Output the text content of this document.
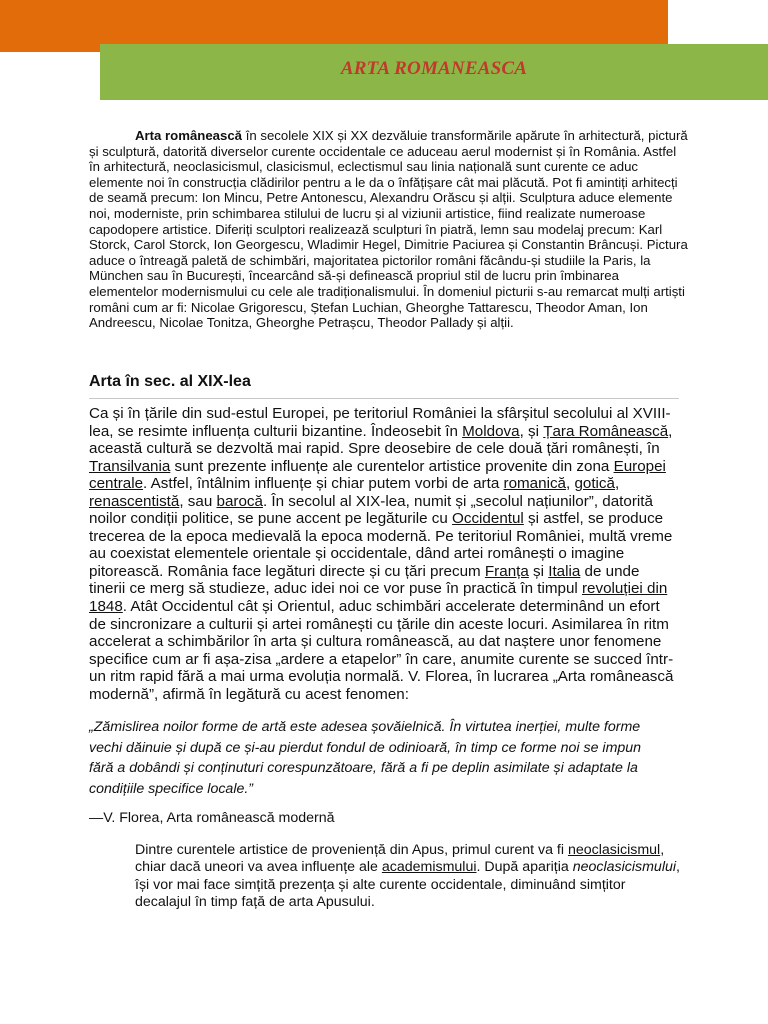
ARTA ROMANEASCA

Arta românească în secolele XIX și XX dezvăluie transformările apărute în arhitectură, pictură și sculptură, datorită diverselor curente occidentale ce aduceau aerul modernist și în România. Astfel în arhitectură, neoclasicismul, clasicismul, eclectismul sau linia națională sunt curente ce aduc elemente noi în construcția clădirilor pentru a le da o înfățișare cât mai plăcută. Pot fi amintiți arhitecți de seamă precum: Ion Mincu, Petre Antonescu, Alexandru Orăscu și alții. Sculptura aduce elemente noi, moderniste, prin schimbarea stilului de lucru și al viziunii artistice, fiind realizate numeroase capodopere artistice. Diferiți sculptori realizează sculpturi în piatră, lemn sau modelaj precum: Karl Storck, Carol Storck, Ion Georgescu, Wladimir Hegel, Dimitrie Paciurea și Constantin Brâncuși. Pictura aduce o întreagă paletă de schimbări, majoritatea pictorilor români făcându-și studiile la Paris, la München sau în București, încearcând să-și definească propriul stil de lucru prin îmbinarea elementelor modernismului cu cele ale tradiționalismului. În domeniul picturii s-au remarcat mulți artiști români cum ar fi: Nicolae Grigorescu, Ștefan Luchian, Gheorghe Tattarescu, Theodor Aman, Ion Andreescu, Nicolae Tonitza, Gheorghe Petrașcu, Theodor Pallady și alții.

Arta în sec. al XIX-lea

Ca și în țările din sud-estul Europei, pe teritoriul României la sfârșitul secolului al XVIII-lea, se resimte influența culturii bizantine. Îndeosebit în Moldova, și Țara Românească, această cultură se dezvoltă mai rapid. Spre deosebire de cele două țări românești, în Transilvania sunt prezente influențe ale curentelor artistice provenite din zona Europei centrale. Astfel, întâlnim influențe și chiar putem vorbi de arta romanică, gotică, renascentistă, sau barocă. În secolul al XIX-lea, numit și „secolul națiunilor”, datorită noilor condiții politice, se pune accent pe legăturile cu Occidentul și astfel, se produce trecerea de la epoca medievală la epoca modernă. Pe teritoriul României, multă vreme au coexistat elementele orientale și occidentale, dând artei românești o imagine pitorească. România face legături directe și cu țări precum Franța și Italia de unde tinerii ce merg să studieze, aduc idei noi ce vor puse în practică în timpul revoluției din 1848. Atât Occidentul cât și Orientul, aduc schimbări accelerate determinând un efort de sincronizare a culturii și artei românești cu țările din aceste locuri. Asimilarea în ritm accelerat a schimbărilor în arta și cultura românească, au dat naștere unor fenomene specifice cum ar fi așa-zisa „ardere a etapelor” în care, anumite curente se succed într-un ritm rapid fără a mai urma evoluția normală. V. Florea, în lucrarea „Arta românească modernă”, afirmă în legătură cu acest fenomen:

„Zămislirea noilor forme de artă este adesea șovăielnică. În virtutea inerției, multe forme vechi dăinuie și după ce și-au pierdut fondul de odinioară, în timp ce forme noi se impun fără a dobândi și conținuturi corespunzătoare, fără a fi pe deplin asimilate și adaptate la condițiile specifice locale.”

—V. Florea, Arta românească modernă

Dintre curentele artistice de proveniență din Apus, primul curent va fi neoclasicismul, chiar dacă uneori va avea influențe ale academismului. După apariția neoclasicismului, își vor mai face simțită prezența și alte curente occidentale, diminuând simțitor decalajul în timp față de arta Apusului.
